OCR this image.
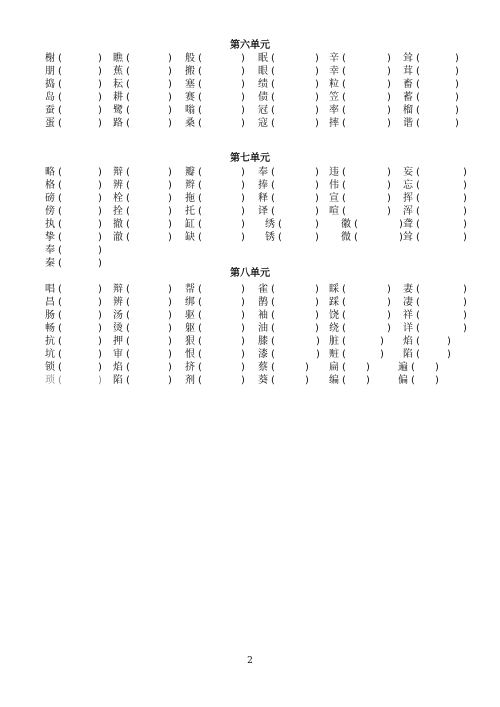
第六单元
第七单元
第八单元
榭 (	) 瞧 (	) 般 (	) 眠 (	) 辛 (	) 耸 (	)
朋 (	) 蕉 (	) 搬 (	) 眼 (	) 幸 (	) 茸 (	)
捣 (	) 耘 (	) 塞 (	) 绩 (	) 粒 (	) 畜 (	)
岛 (	) 耕 (	) 赛 (	) 债 (	) 笠 (	) 蓄 (	)
蚕 (	) 鹭 (	) 嗡 (	) 冠 (	) 率 (	) 榴 (	)
蛋 (	) 路 (	) 桑 (	) 寇 (	) 摔 (	) 谐 (	)
略 (	) 辩 (	) 瓣 (	) 奉 (	) 违 (	) 妄 (	)
格 (	) 辨 (	) 辫 (	) 捧 (	) 伟 (	) 忘 (	)
磅 (	) 栓 (	) 拖 (	) 释 (	) 宣 (	) 挥 (	)
傍 (	) 拴 (	) 托 (	) 译 (	) 喧 (	) 浑 (	)
执 (	) 撤 (	) 缸 (	) 绣 (	) 徽 (	) 聋 (	)
挚 (	) 澈 (	) 缺 (	) 锈 (	) 微 (	) 耸 (	)
奉 (	)
秦 (	)
唱 (	) 辩 (	) 帮 (	) 雀 (	) 睬 (	) 妻 (	)
昌 (	) 辨 (	) 绑 (	) 鹊 (	) 踩 (	) 凄 (	)
肠 (	) 汤 (	) 驱 (	) 袖 (	) 饶 (	) 祥 (	)
畅 (	) 烫 (	) 躯 (	) 油 (	) 绕 (	) 详 (	)
抗 (	) 押 (	) 狠 (	) 膝 (	) 脏 (	) 焰 (	)
坑 (	) 审 (	) 恨 (	) 漆 (	) 赃 (	) 陷 (	)
锁 (	) 焰 (	) 挤 (	) 蔡 (	) 扁 ( )	遍 ( )
琐 (	) 陷 (	) 剂 (	) 葵 (	) 编 ( )	偏 ( )
2
